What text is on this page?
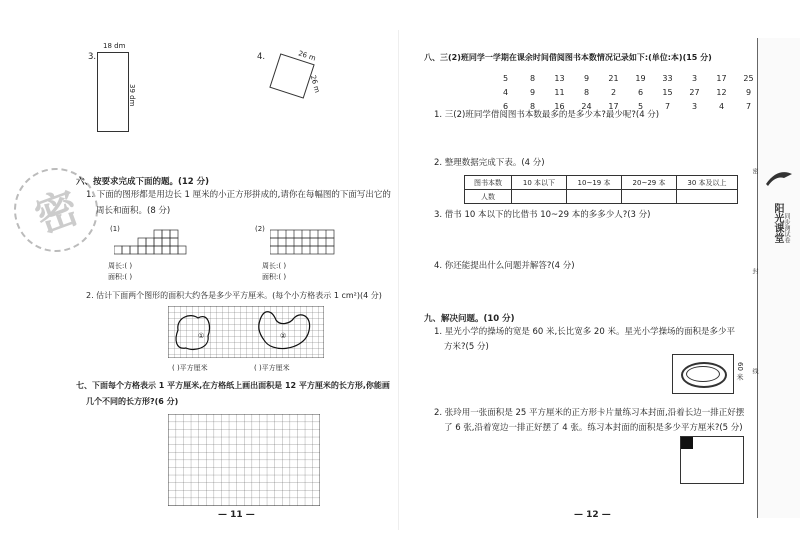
3.
18 dm
39 dm
4.	26 m
26 m
密
六、按要求完成下面的题。(12 分)
1. 下面的图形都是用边长 1 厘米的小正方形拼成的,请你在每幅图的下面写出它的
周长和面积。(8 分)
(1)
周长:( )
面积:( )
(2)
周长:( )
面积:( )
2. 估计下面两个图形的面积大约各是多少平方厘米。(每个小方格表示 1 cm²)(4 分)
①	②
( )平方厘米	( )平方厘米
七、下面每个方格表示 1 平方厘米,在方格纸上画出面积是 12 平方厘米的长方形,你能画
几个不同的长方形?(6 分)
— 11 —
八、三(2)班同学一学期在课余时间借阅图书本数情况记录如下:(单位:本)(15 分)
5	8 13 9 21 19 33 3 17 25
4	9 11 8	2	6 15 27 12 9
6	8 16 24 17 5	7	3	4	7
1. 三(2)班同学借阅图书本数最多的是多少本?最少呢?(4 分)
2. 整理数据完成下表。(4 分)
图书本数	10 本以下	10~19 本	20~29 本	30 本及以上
人数				
3. 借书 10 本以下的比借书 10~29 本的多多少人?(3 分)
4. 你还能提出什么问题并解答?(4 分)
九、解决问题。(10 分)
1. 星光小学的操场的宽是 60 米,长比宽多 20 米。星光小学操场的面积是多少平
方米?(5 分)
60 米
2. 张玲用一张面积是 25 平方厘米的正方形卡片量练习本封面,沿着长边一排正好摆
了 6 张,沿着宽边一排正好摆了 4 张。练习本封面的面积是多少平方厘米?(5 分)
— 12 —
阳光课堂 同步测试卷
密
封
线
